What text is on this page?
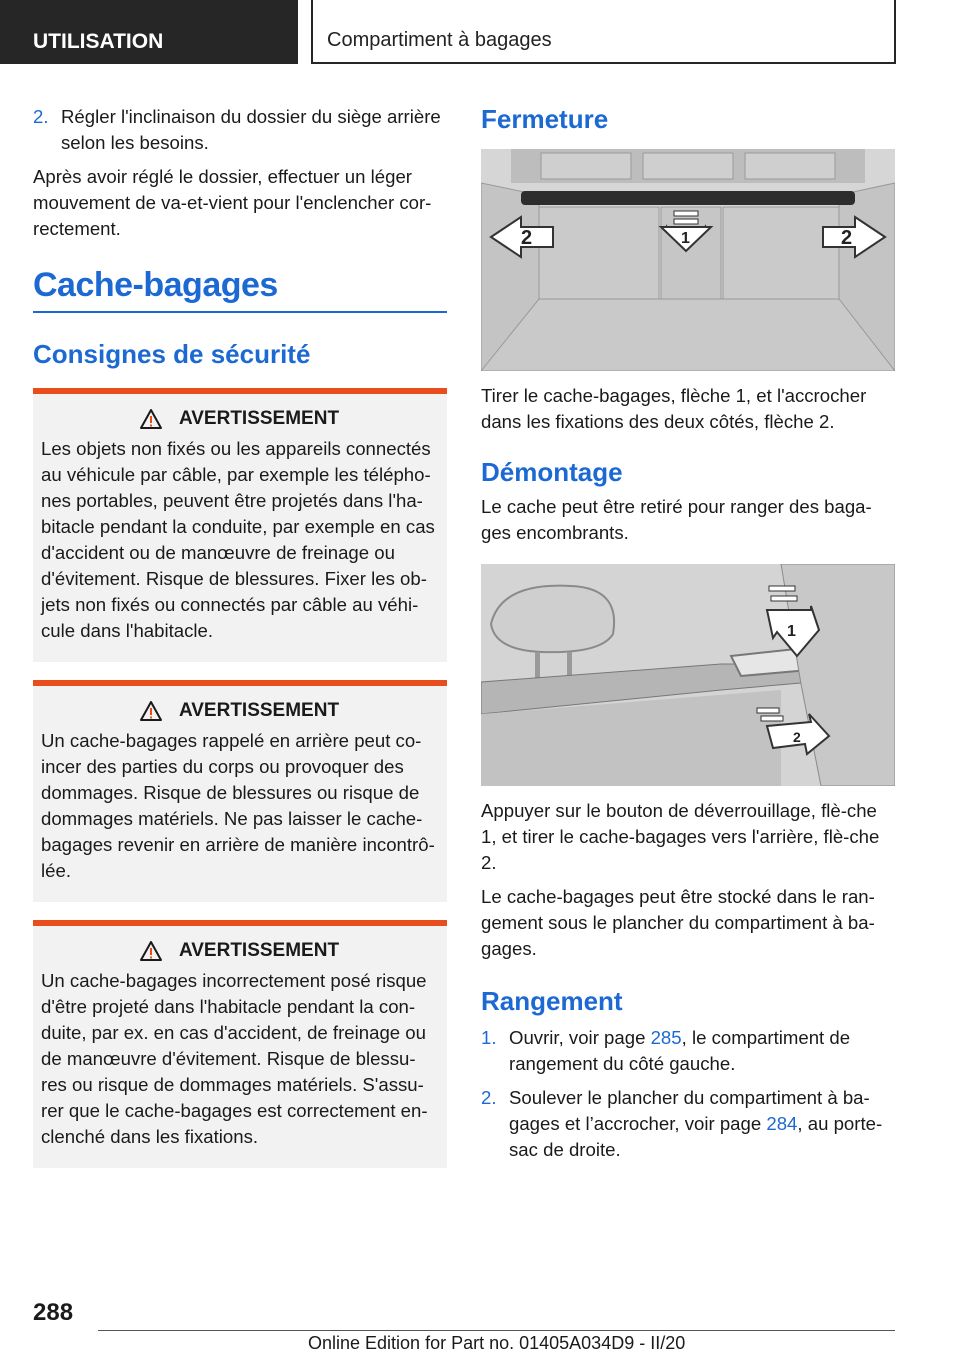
UTILISATION	Compartiment à bagages
2. Régler l'inclinaison du dossier du siège arrière selon les besoins.

Après avoir réglé le dossier, effectuer un léger mouvement de va-et-vient pour l'enclencher cor-rectement.

Cache-bagages
Consignes de sécurité
AVERTISSEMENT

Les objets non fixés ou les appareils connectés au véhicule par câble, par exemple les télépho-nes portables, peuvent être projetés dans l'ha-bitacle pendant la conduite, par exemple en cas d'accident ou de manœuvre de freinage ou d'évitement. Risque de blessures. Fixer les ob-jets non fixés ou connectés par câble au véhi-cule dans l'habitacle.

AVERTISSEMENT

Un cache-bagages rappelé en arrière peut co-incer des parties du corps ou provoquer des dommages. Risque de blessures ou risque de dommages matériels. Ne pas laisser le cache-bagages revenir en arrière de manière incontrô-lée.

AVERTISSEMENT

Un cache-bagages incorrectement posé risque d'être projeté dans l'habitacle pendant la con-duite, par ex. en cas d'accident, de freinage ou de manœuvre d'évitement. Risque de blessu-res ou risque de dommages matériels. S'assu-rer que le cache-bagages est correctement en-clenché dans les fixations.

Fermeture
1
2	2

Tirer le cache-bagages, flèche 1, et l'accrocher dans les fixations des deux côtés, flèche 2.

Démontage

Le cache peut être retiré pour ranger des baga-ges encombrants.

1
2

Appuyer sur le bouton de déverrouillage, flè-che 1, et tirer le cache-bagages vers l'arrière, flè-che 2.

Le cache-bagages peut être stocké dans le ran-gement sous le plancher du compartiment à ba-gages.

Rangement
1. Ouvrir, voir page 285, le compartiment de rangement du côté gauche.
2. Soulever le plancher du compartiment à ba-gages et l’accrocher, voir page 284, au porte-sac de droite.
288
Online Edition for Part no. 01405A034D9 - II/20
